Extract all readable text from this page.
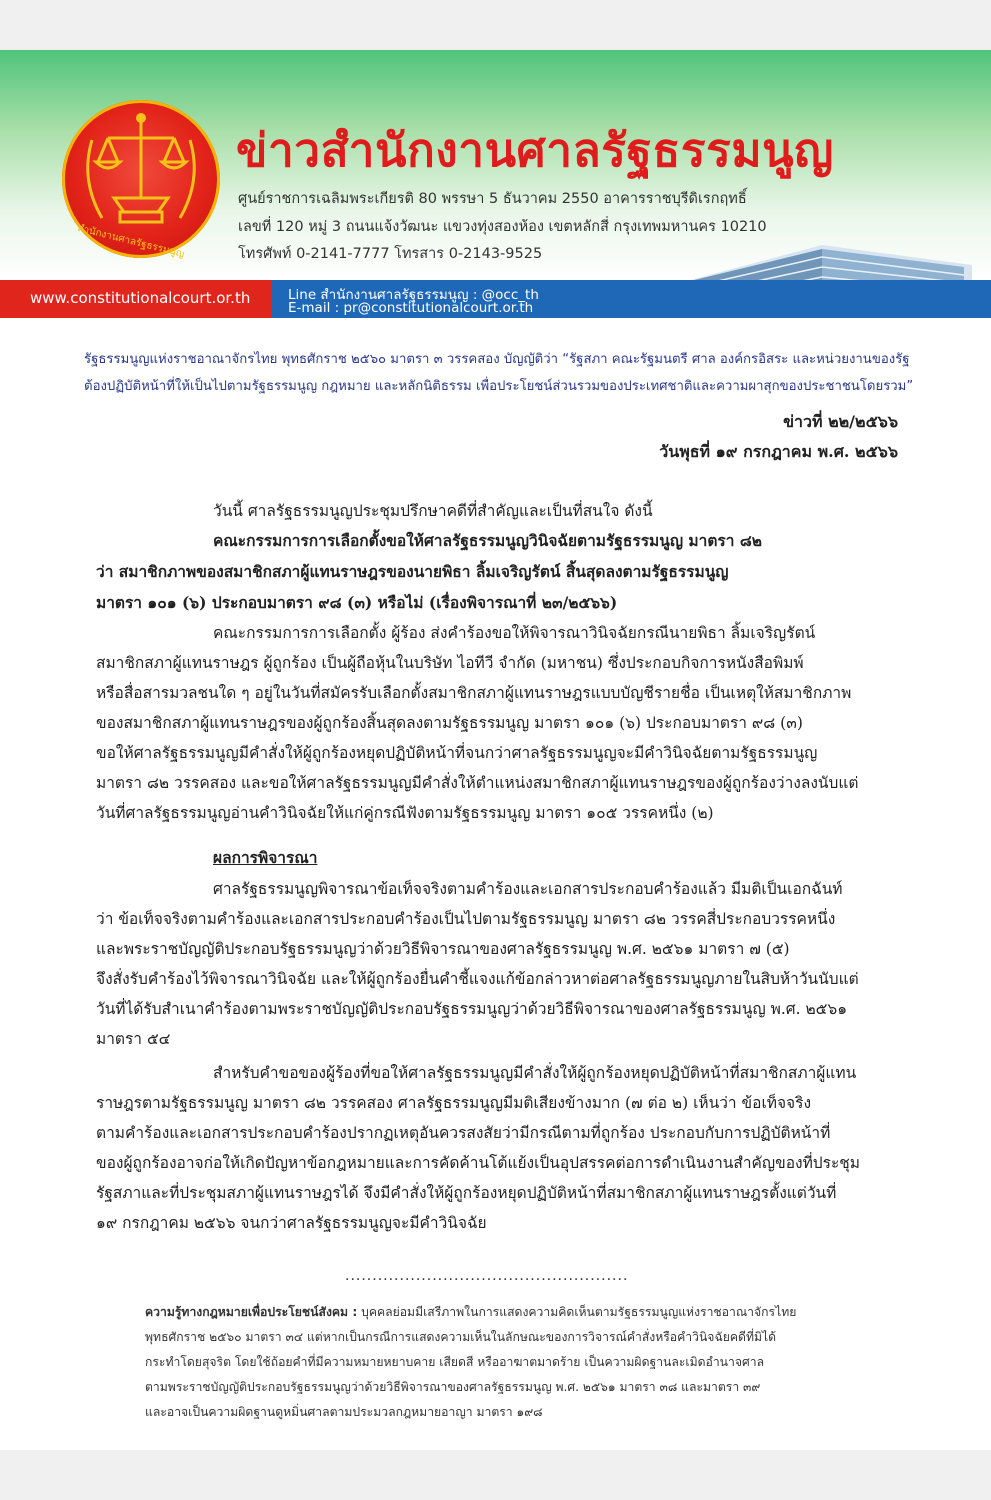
สำนักงานศาลรัฐธรรมนูญ
ข่าวสำนักงานศาลรัฐธรรมนูญ
ศูนย์ราชการเฉลิมพระเกียรติ 80 พรรษา 5 ธันวาคม 2550 อาคารราชบุรีดิเรกฤทธิ์
เลขที่ 120 หมู่ 3 ถนนแจ้งวัฒนะ แขวงทุ่งสองห้อง เขตหลักสี่ กรุงเทพมหานคร 10210
โทรศัพท์ 0-2141-7777 โทรสาร 0-2143-9525
www.constitutionalcourt.or.th	Line สำนักงานศาลรัฐธรรมนูญ : @occ_th
E-mail : pr@constitutionalcourt.or.th
รัฐธรรมนูญแห่งราชอาณาจักรไทย พุทธศักราช ๒๕๖๐ มาตรา ๓ วรรคสอง บัญญัติว่า “รัฐสภา คณะรัฐมนตรี ศาล องค์กรอิสระ และหน่วยงานของรัฐ
ต้องปฏิบัติหน้าที่ให้เป็นไปตามรัฐธรรมนูญ กฎหมาย และหลักนิติธรรม เพื่อประโยชน์ส่วนรวมของประเทศชาติและความผาสุกของประชาชนโดยรวม”
ข่าวที่ ๒๒/๒๕๖๖
วันพุธที่ ๑๙ กรกฎาคม พ.ศ. ๒๕๖๖
วันนี้ ศาลรัฐธรรมนูญประชุมปรึกษาคดีที่สำคัญและเป็นที่สนใจ ดังนี้
คณะกรรมการการเลือกตั้งขอให้ศาลรัฐธรรมนูญวินิจฉัยตามรัฐธรรมนูญ มาตรา ๘๒
ว่า สมาชิกภาพของสมาชิกสภาผู้แทนราษฎรของนายพิธา ลิ้มเจริญรัตน์ สิ้นสุดลงตามรัฐธรรมนูญ
มาตรา ๑๐๑ (๖) ประกอบมาตรา ๙๘ (๓) หรือไม่ (เรื่องพิจารณาที่ ๒๓/๒๕๖๖)
คณะกรรมการการเลือกตั้ง ผู้ร้อง ส่งคำร้องขอให้พิจารณาวินิจฉัยกรณีนายพิธา ลิ้มเจริญรัตน์
สมาชิกสภาผู้แทนราษฎร ผู้ถูกร้อง เป็นผู้ถือหุ้นในบริษัท ไอทีวี จำกัด (มหาชน) ซึ่งประกอบกิจการหนังสือพิมพ์
หรือสื่อสารมวลชนใด ๆ อยู่ในวันที่สมัครรับเลือกตั้งสมาชิกสภาผู้แทนราษฎรแบบบัญชีรายชื่อ เป็นเหตุให้สมาชิกภาพ
ของสมาชิกสภาผู้แทนราษฎรของผู้ถูกร้องสิ้นสุดลงตามรัฐธรรมนูญ มาตรา ๑๐๑ (๖) ประกอบมาตรา ๙๘ (๓)
ขอให้ศาลรัฐธรรมนูญมีคำสั่งให้ผู้ถูกร้องหยุดปฏิบัติหน้าที่จนกว่าศาลรัฐธรรมนูญจะมีคำวินิจฉัยตามรัฐธรรมนูญ
มาตรา ๘๒ วรรคสอง และขอให้ศาลรัฐธรรมนูญมีคำสั่งให้ตำแหน่งสมาชิกสภาผู้แทนราษฎรของผู้ถูกร้องว่างลงนับแต่
วันที่ศาลรัฐธรรมนูญอ่านคำวินิจฉัยให้แก่คู่กรณีฟังตามรัฐธรรมนูญ มาตรา ๑๐๕ วรรคหนึ่ง (๒)
ผลการพิจารณา
ศาลรัฐธรรมนูญพิจารณาข้อเท็จจริงตามคำร้องและเอกสารประกอบคำร้องแล้ว มีมติเป็นเอกฉันท์
ว่า ข้อเท็จจริงตามคำร้องและเอกสารประกอบคำร้องเป็นไปตามรัฐธรรมนูญ มาตรา ๘๒ วรรคสี่ประกอบวรรคหนึ่ง
และพระราชบัญญัติประกอบรัฐธรรมนูญว่าด้วยวิธีพิจารณาของศาลรัฐธรรมนูญ พ.ศ. ๒๕๖๑ มาตรา ๗ (๕)
จึงสั่งรับคำร้องไว้พิจารณาวินิจฉัย และให้ผู้ถูกร้องยื่นคำชี้แจงแก้ข้อกล่าวหาต่อศาลรัฐธรรมนูญภายในสิบห้าวันนับแต่
วันที่ได้รับสำเนาคำร้องตามพระราชบัญญัติประกอบรัฐธรรมนูญว่าด้วยวิธีพิจารณาของศาลรัฐธรรมนูญ พ.ศ. ๒๕๖๑
มาตรา ๕๔
สำหรับคำขอของผู้ร้องที่ขอให้ศาลรัฐธรรมนูญมีคำสั่งให้ผู้ถูกร้องหยุดปฏิบัติหน้าที่สมาชิกสภาผู้แทน
ราษฎรตามรัฐธรรมนูญ มาตรา ๘๒ วรรคสอง ศาลรัฐธรรมนูญมีมติเสียงข้างมาก (๗ ต่อ ๒) เห็นว่า ข้อเท็จจริง
ตามคำร้องและเอกสารประกอบคำร้องปรากฏเหตุอันควรสงสัยว่ามีกรณีตามที่ถูกร้อง ประกอบกับการปฏิบัติหน้าที่
ของผู้ถูกร้องอาจก่อให้เกิดปัญหาข้อกฎหมายและการคัดค้านโต้แย้งเป็นอุปสรรคต่อการดำเนินงานสำคัญของที่ประชุม
รัฐสภาและที่ประชุมสภาผู้แทนราษฎรได้ จึงมีคำสั่งให้ผู้ถูกร้องหยุดปฏิบัติหน้าที่สมาชิกสภาผู้แทนราษฎรตั้งแต่วันที่
๑๙ กรกฎาคม ๒๕๖๖ จนกว่าศาลรัฐธรรมนูญจะมีคำวินิจฉัย
....................................................
ความรู้ทางกฎหมายเพื่อประโยชน์สังคม : บุคคลย่อมมีเสรีภาพในการแสดงความคิดเห็นตามรัฐธรรมนูญแห่งราชอาณาจักรไทย
พุทธศักราช ๒๕๖๐ มาตรา ๓๔ แต่หากเป็นกรณีการแสดงความเห็นในลักษณะของการวิจารณ์คำสั่งหรือคำวินิจฉัยคดีที่มิได้
กระทำโดยสุจริต โดยใช้ถ้อยคำที่มีความหมายหยาบคาย เสียดสี หรืออาฆาตมาดร้าย เป็นความผิดฐานละเมิดอำนาจศาล
ตามพระราชบัญญัติประกอบรัฐธรรมนูญว่าด้วยวิธีพิจารณาของศาลรัฐธรรมนูญ พ.ศ. ๒๕๖๑ มาตรา ๓๘ และมาตรา ๓๙
และอาจเป็นความผิดฐานดูหมิ่นศาลตามประมวลกฎหมายอาญา มาตรา ๑๙๘
